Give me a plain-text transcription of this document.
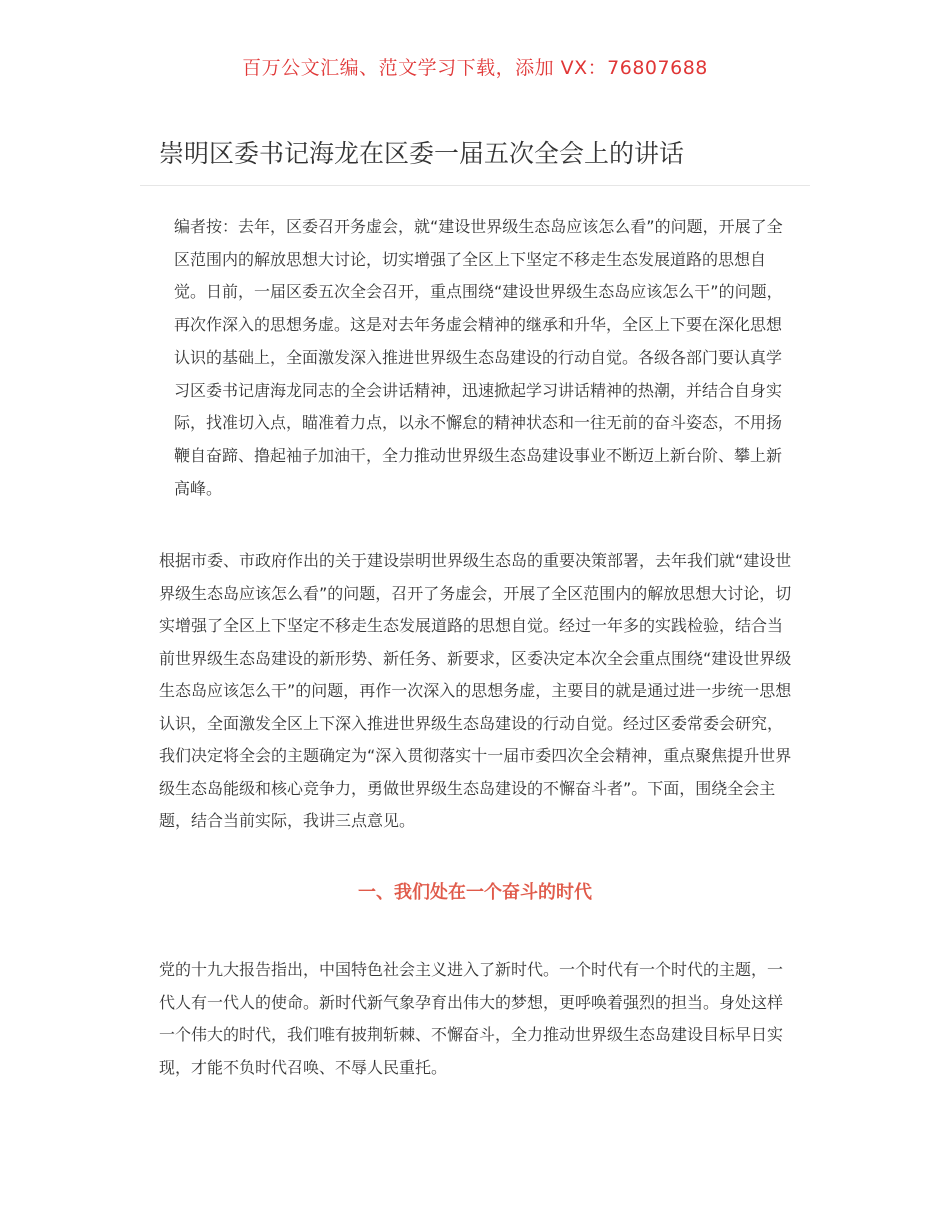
百万公文汇编、范文学习下载，添加 VX：76807688
崇明区委书记海龙在区委一届五次全会上的讲话

编者按：去年，区委召开务虚会，就“建设世界级生态岛应该怎么看”的问题，开展了全区范围内的解放思想大讨论，切实增强了全区上下坚定不移走生态发展道路的思想自觉。日前，一届区委五次全会召开，重点围绕“建设世界级生态岛应该怎么干”的问题，再次作深入的思想务虚。这是对去年务虚会精神的继承和升华，全区上下要在深化思想认识的基础上，全面激发深入推进世界级生态岛建设的行动自觉。各级各部门要认真学习区委书记唐海龙同志的全会讲话精神，迅速掀起学习讲话精神的热潮，并结合自身实际，找准切入点，瞄准着力点，以永不懈怠的精神状态和一往无前的奋斗姿态，不用扬鞭自奋蹄、撸起袖子加油干，全力推动世界级生态岛建设事业不断迈上新台阶、攀上新高峰。

根据市委、市政府作出的关于建设崇明世界级生态岛的重要决策部署，去年我们就“建设世界级生态岛应该怎么看”的问题，召开了务虚会，开展了全区范围内的解放思想大讨论，切实增强了全区上下坚定不移走生态发展道路的思想自觉。经过一年多的实践检验，结合当前世界级生态岛建设的新形势、新任务、新要求，区委决定本次全会重点围绕“建设世界级生态岛应该怎么干”的问题，再作一次深入的思想务虚，主要目的就是通过进一步统一思想认识，全面激发全区上下深入推进世界级生态岛建设的行动自觉。经过区委常委会研究，我们决定将全会的主题确定为“深入贯彻落实十一届市委四次全会精神，重点聚焦提升世界级生态岛能级和核心竞争力，勇做世界级生态岛建设的不懈奋斗者”。下面，围绕全会主题，结合当前实际，我讲三点意见。

一、我们处在一个奋斗的时代

党的十九大报告指出，中国特色社会主义进入了新时代。一个时代有一个时代的主题，一代人有一代人的使命。新时代新气象孕育出伟大的梦想，更呼唤着强烈的担当。身处这样一个伟大的时代，我们唯有披荆斩棘、不懈奋斗，全力推动世界级生态岛建设目标早日实现，才能不负时代召唤、不辱人民重托。
